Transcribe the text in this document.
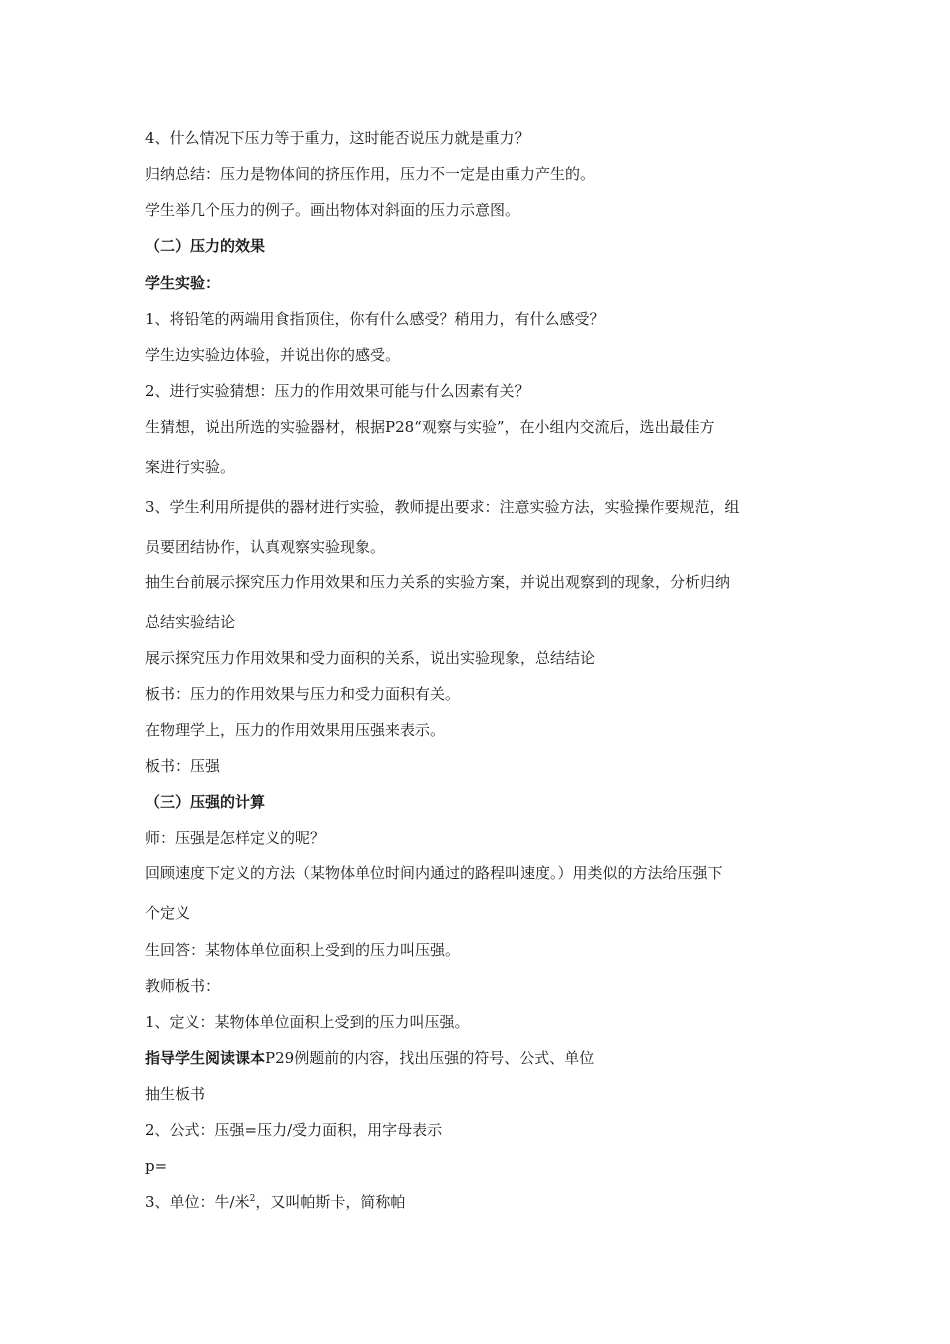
4、什么情况下压力等于重力，这时能否说压力就是重力？
归纳总结：压力是物体间的挤压作用，压力不一定是由重力产生的。
学生举几个压力的例子。画出物体对斜面的压力示意图。
（二）压力的效果
学生实验：
1、将铅笔的两端用食指顶住，你有什么感受？稍用力，有什么感受？
学生边实验边体验，并说出你的感受。
2、进行实验猜想：压力的作用效果可能与什么因素有关？
生猜想，说出所选的实验器材，根据P28“观察与实验”，在小组内交流后，选出最佳方
案进行实验。
3、学生利用所提供的器材进行实验，教师提出要求：注意实验方法，实验操作要规范，组
员要团结协作，认真观察实验现象。
抽生台前展示探究压力作用效果和压力关系的实验方案，并说出观察到的现象，分析归纳
总结实验结论
展示探究压力作用效果和受力面积的关系，说出实验现象，总结结论
板书：压力的作用效果与压力和受力面积有关。
在物理学上，压力的作用效果用压强来表示。
板书：压强
（三）压强的计算
师：压强是怎样定义的呢？
回顾速度下定义的方法（某物体单位时间内通过的路程叫速度。）用类似的方法给压强下
个定义
生回答：某物体单位面积上受到的压力叫压强。
教师板书：
1、定义：某物体单位面积上受到的压力叫压强。
指导学生阅读课本P29例题前的内容，找出压强的符号、公式、单位
抽生板书
2、公式：压强=压力/受力面积，用字母表示
p=
3、单位：牛/米$^2$，又叫帕斯卡，简称帕
